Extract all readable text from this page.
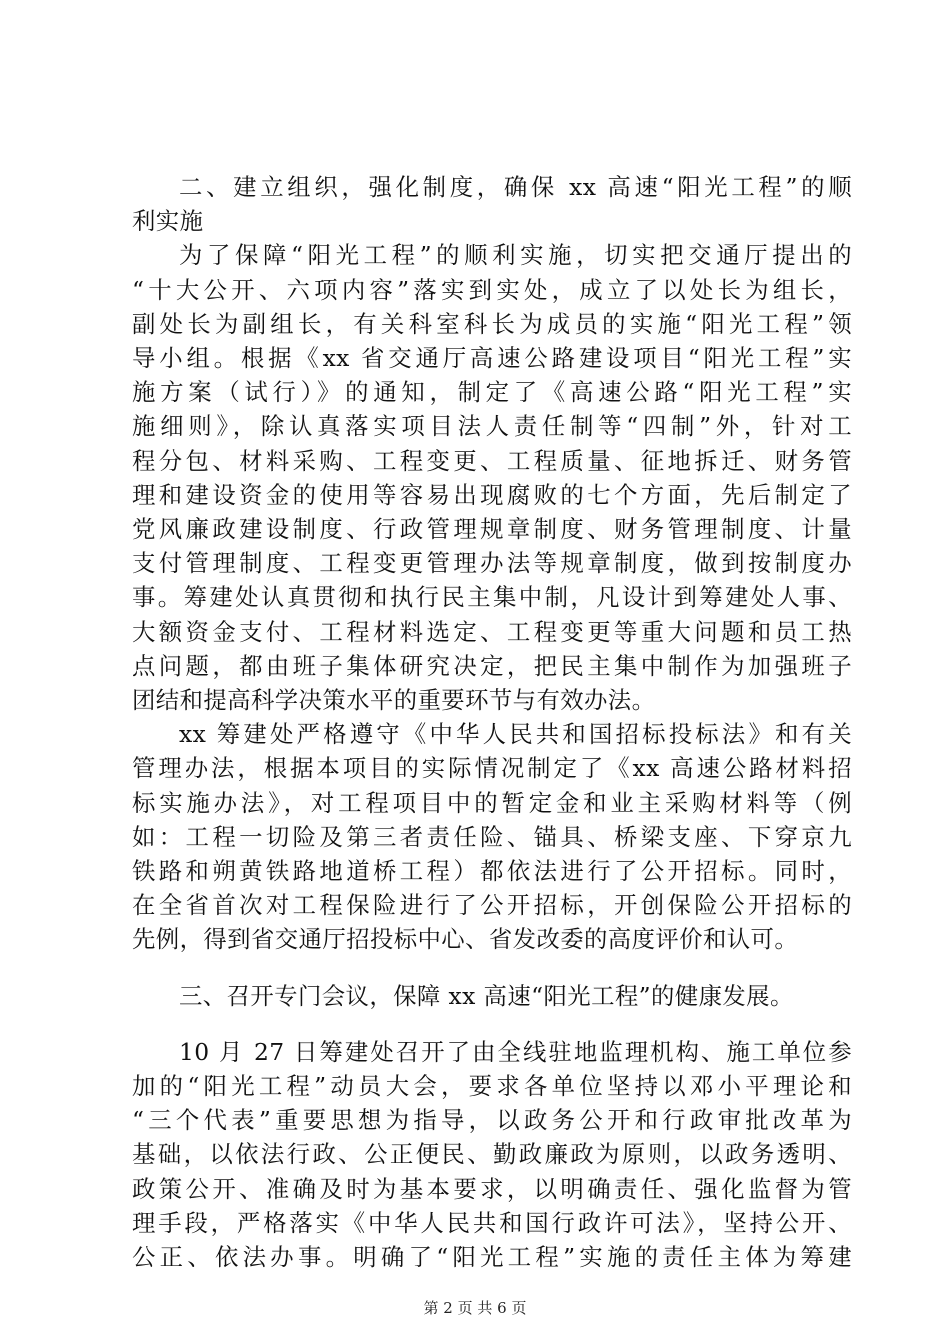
二、建立组织，强化制度，确保 xx 高速“阳光工程”的顺
利实施
为了保障“阳光工程”的顺利实施，切实把交通厅提出的
“十大公开、六项内容”落实到实处，成立了以处长为组长，
副处长为副组长，有关科室科长为成员的实施“阳光工程”领
导小组。根据《xx 省交通厅高速公路建设项目“阳光工程”实
施方案（试行）》的通知，制定了《高速公路“阳光工程”实
施细则》，除认真落实项目法人责任制等“四制”外，针对工
程分包、材料采购、工程变更、工程质量、征地拆迁、财务管
理和建设资金的使用等容易出现腐败的七个方面，先后制定了
党风廉政建设制度、行政管理规章制度、财务管理制度、计量
支付管理制度、工程变更管理办法等规章制度，做到按制度办
事。筹建处认真贯彻和执行民主集中制，凡设计到筹建处人事、
大额资金支付、工程材料选定、工程变更等重大问题和员工热
点问题，都由班子集体研究决定，把民主集中制作为加强班子
团结和提高科学决策水平的重要环节与有效办法。
xx 筹建处严格遵守《中华人民共和国招标投标法》和有关
管理办法，根据本项目的实际情况制定了《xx 高速公路材料招
标实施办法》，对工程项目中的暂定金和业主采购材料等（例
如：工程一切险及第三者责任险、锚具、桥梁支座、下穿京九
铁路和朔黄铁路地道桥工程）都依法进行了公开招标。同时，
在全省首次对工程保险进行了公开招标，开创保险公开招标的
先例，得到省交通厅招投标中心、省发改委的高度评价和认可。
三、召开专门会议，保障 xx 高速“阳光工程”的健康发展。
10 月 27 日筹建处召开了由全线驻地监理机构、施工单位参
加的“阳光工程”动员大会，要求各单位坚持以邓小平理论和
“三个代表”重要思想为指导，以政务公开和行政审批改革为
基础，以依法行政、公正便民、勤政廉政为原则，以政务透明、
政策公开、准确及时为基本要求，以明确责任、强化监督为管
理手段，严格落实《中华人民共和国行政许可法》，坚持公开、
公正、依法办事。明确了“阳光工程”实施的责任主体为筹建
第 2 页 共 6 页
